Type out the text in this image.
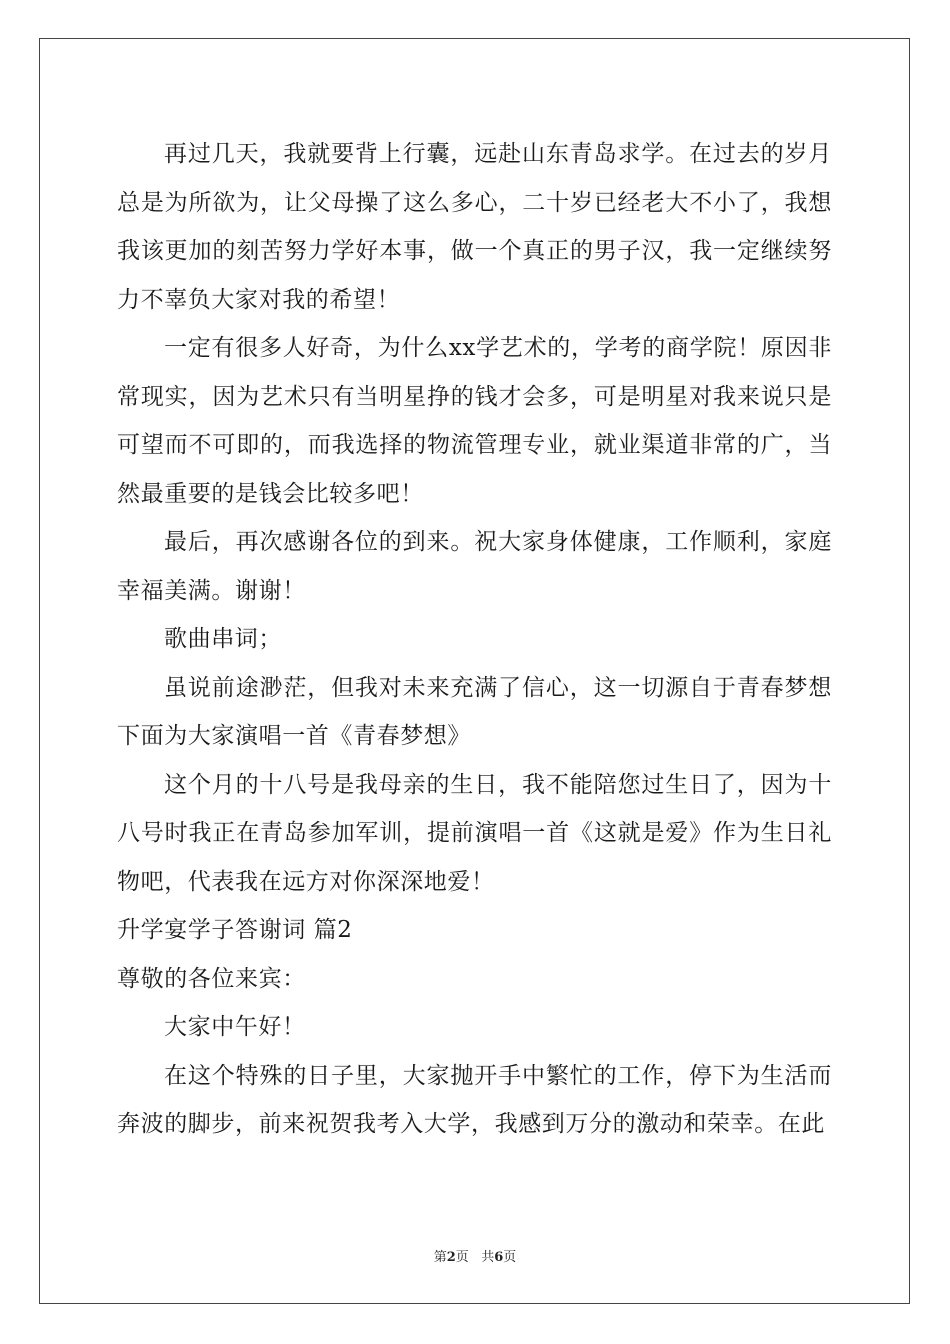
再过几天，我就要背上行囊，远赴山东青岛求学。在过去的岁月总是为所欲为，让父母操了这么多心，二十岁已经老大不小了，我想我该更加的刻苦努力学好本事，做一个真正的男子汉，我一定继续努力不辜负大家对我的希望！

一定有很多人好奇，为什么xx学艺术的，学考的商学院！原因非常现实，因为艺术只有当明星挣的钱才会多，可是明星对我来说只是可望而不可即的，而我选择的物流管理专业，就业渠道非常的广，当然最重要的是钱会比较多吧！

最后，再次感谢各位的到来。祝大家身体健康，工作顺利，家庭幸福美满。谢谢！

歌曲串词；

虽说前途渺茫，但我对未来充满了信心，这一切源自于青春梦想下面为大家演唱一首《青春梦想》

这个月的十八号是我母亲的生日，我不能陪您过生日了，因为十八号时我正在青岛参加军训，提前演唱一首《这就是爱》作为生日礼物吧，代表我在远方对你深深地爱！

升学宴学子答谢词 篇2

尊敬的各位来宾：

大家中午好！

在这个特殊的日子里，大家抛开手中繁忙的工作，停下为生活而奔波的脚步，前来祝贺我考入大学，我感到万分的激动和荣幸。在此

第2页 共6页
